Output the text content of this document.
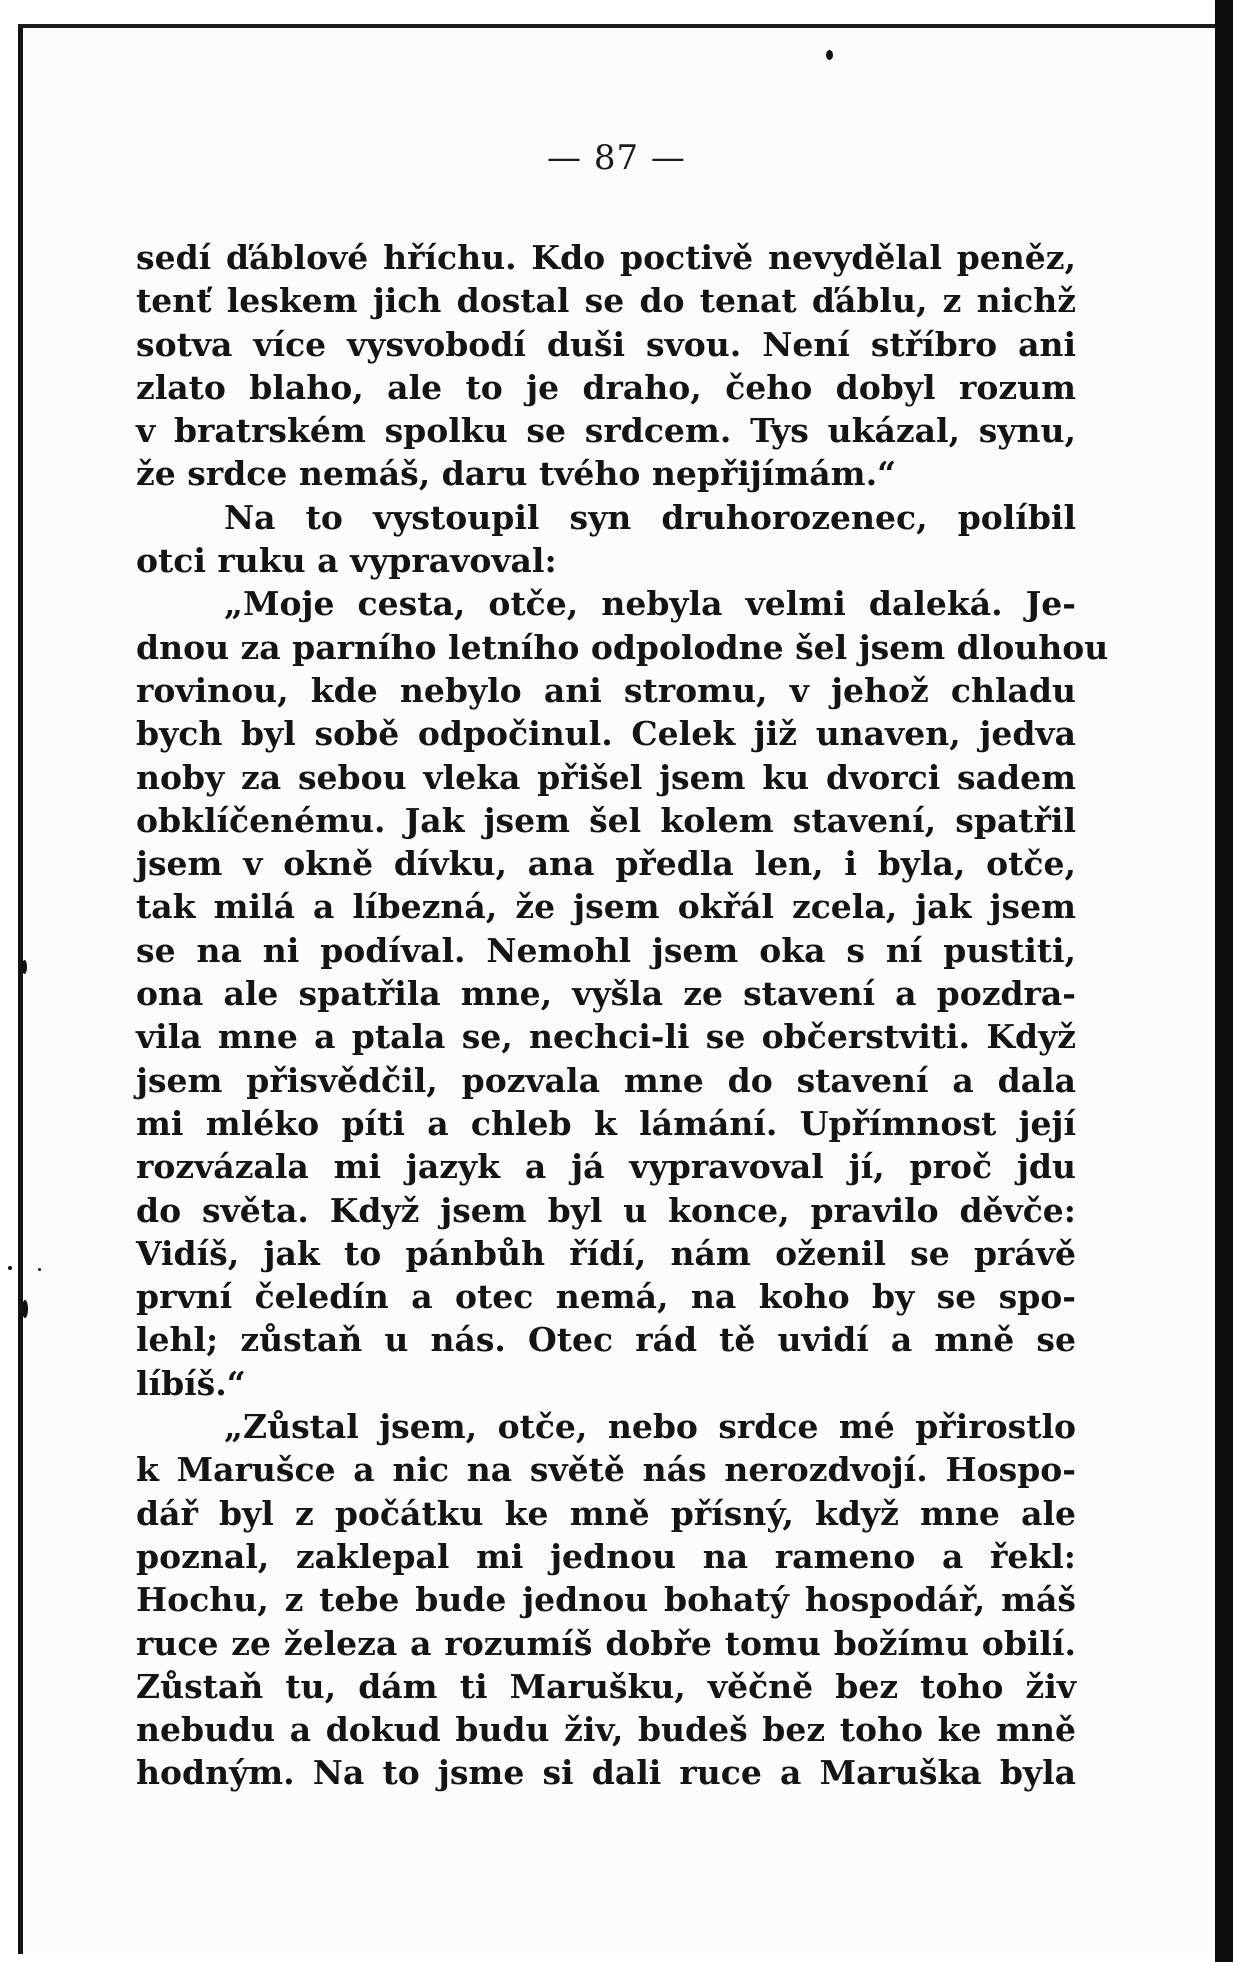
— 87 —
sedí ďáblové hříchu. Kdo poctivě nevydělal peněz,
tenť leskem jich dostal se do tenat ďáblu, z nichž
sotva více vysvobodí duši svou. Není stříbro ani
zlato blaho, ale to je draho, čeho dobyl rozum
v bratrském spolku se srdcem. Tys ukázal, synu,
že srdce nemáš, daru tvého nepřijímám.“
Na to vystoupil syn druhorozenec, políbil
otci ruku a vypravoval:
„Moje cesta, otče, nebyla velmi daleká. Je-
dnou za parního letního odpolodne šel jsem dlouhou
rovinou, kde nebylo ani stromu, v jehož chladu
bych byl sobě odpočinul. Celek již unaven, jedva
noby za sebou vleka přišel jsem ku dvorci sadem
obklíčenému. Jak jsem šel kolem stavení, spatřil
jsem v okně dívku, ana předla len, i byla, otče,
tak milá a líbezná, že jsem okřál zcela, jak jsem
se na ni podíval. Nemohl jsem oka s ní pustiti,
ona ale spatřila mne, vyšla ze stavení a pozdra-
vila mne a ptala se, nechci-li se občerstviti. Když
jsem přisvědčil, pozvala mne do stavení a dala
mi mléko píti a chleb k lámání. Upřímnost její
rozvázala mi jazyk a já vypravoval jí, proč jdu
do světa. Když jsem byl u konce, pravilo děvče:
Vidíš, jak to pánbůh řídí, nám oženil se právě
první čeledín a otec nemá, na koho by se spo-
lehl; zůstaň u nás. Otec rád tě uvidí a mně se
líbíš.“
„Zůstal jsem, otče, nebo srdce mé přirostlo
k Marušce a nic na světě nás nerozdvojí. Hospo-
dář byl z počátku ke mně přísný, když mne ale
poznal, zaklepal mi jednou na rameno a řekl:
Hochu, z tebe bude jednou bohatý hospodář, máš
ruce ze železa a rozumíš dobře tomu božímu obilí.
Zůstaň tu, dám ti Marušku, věčně bez toho živ
nebudu a dokud budu živ, budeš bez toho ke mně
hodným. Na to jsme si dali ruce a Maruška byla
